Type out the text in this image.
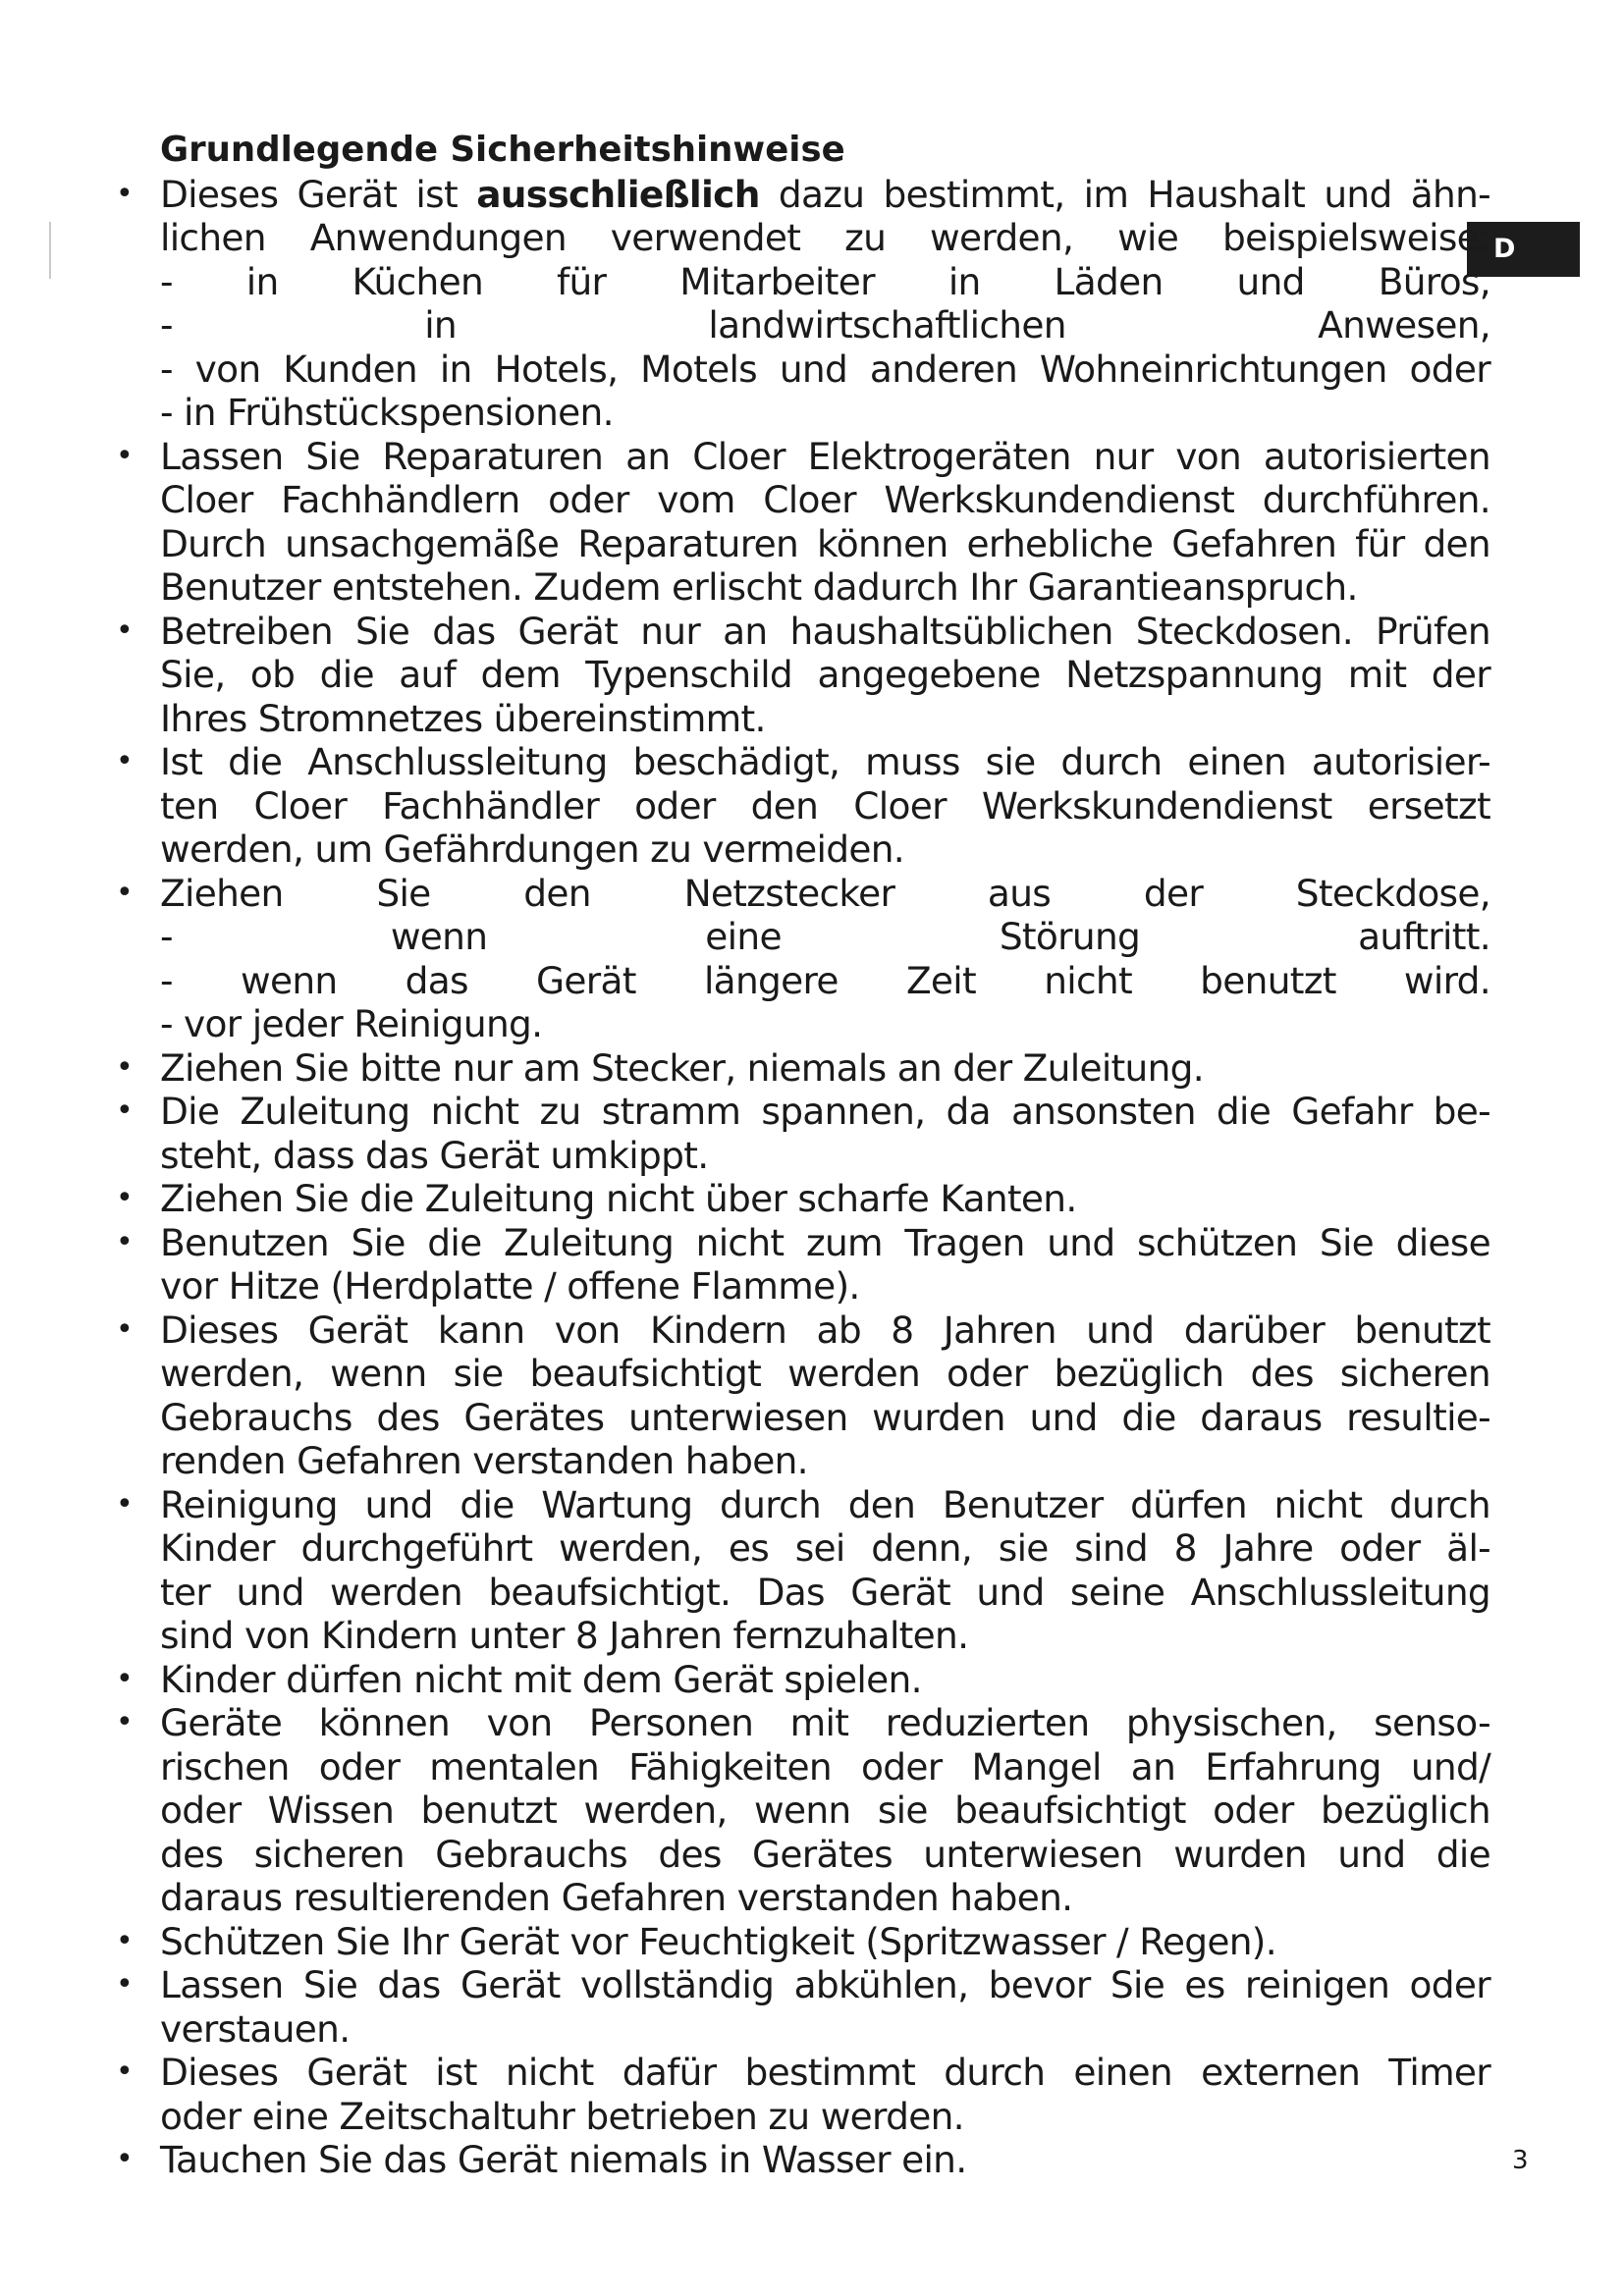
D
Grundlegende Sicherheitshinweise
• Dieses Gerät ist ausschließlich dazu bestimmt, im Haushalt und ähn-
lichen Anwendungen verwendet zu werden, wie beispielsweise:
- in Küchen für Mitarbeiter in Läden und Büros,
- in landwirtschaftlichen Anwesen,
- von Kunden in Hotels, Motels und anderen Wohneinrichtungen oder
- in Frühstückspensionen.
• Lassen Sie Reparaturen an Cloer Elektrogeräten nur von autorisierten
Cloer Fachhändlern oder vom Cloer Werkskundendienst durchführen.
Durch unsachgemäße Reparaturen können erhebliche Gefahren für den
Benutzer entstehen. Zudem erlischt dadurch Ihr Garantieanspruch.
• Betreiben Sie das Gerät nur an haushaltsüblichen Steckdosen. Prüfen
Sie, ob die auf dem Typenschild angegebene Netzspannung mit der
Ihres Stromnetzes übereinstimmt.
• Ist die Anschlussleitung beschädigt, muss sie durch einen autorisier-
ten Cloer Fachhändler oder den Cloer Werkskundendienst ersetzt
werden, um Gefährdungen zu vermeiden.
• Ziehen Sie den Netzstecker aus der Steckdose,
- wenn eine Störung auftritt.
- wenn das Gerät längere Zeit nicht benutzt wird.
- vor jeder Reinigung.
• Ziehen Sie bitte nur am Stecker, niemals an der Zuleitung.
• Die Zuleitung nicht zu stramm spannen, da ansonsten die Gefahr be-
steht, dass das Gerät umkippt.
• Ziehen Sie die Zuleitung nicht über scharfe Kanten.
• Benutzen Sie die Zuleitung nicht zum Tragen und schützen Sie diese
vor Hitze (Herdplatte / offene Flamme).
• Dieses Gerät kann von Kindern ab 8 Jahren und darüber benutzt
werden, wenn sie beaufsichtigt werden oder bezüglich des sicheren
Gebrauchs des Gerätes unterwiesen wurden und die daraus resultie-
renden Gefahren verstanden haben.
• Reinigung und die Wartung durch den Benutzer dürfen nicht durch
Kinder durchgeführt werden, es sei denn, sie sind 8 Jahre oder äl-
ter und werden beaufsichtigt. Das Gerät und seine Anschlussleitung
sind von Kindern unter 8 Jahren fernzuhalten.
• Kinder dürfen nicht mit dem Gerät spielen.
• Geräte können von Personen mit reduzierten physischen, senso-
rischen oder mentalen Fähigkeiten oder Mangel an Erfahrung und/
oder Wissen benutzt werden, wenn sie beaufsichtigt oder bezüglich
des sicheren Gebrauchs des Gerätes unterwiesen wurden und die
daraus resultierenden Gefahren verstanden haben.
• Schützen Sie Ihr Gerät vor Feuchtigkeit (Spritzwasser / Regen).
• Lassen Sie das Gerät vollständig abkühlen, bevor Sie es reinigen oder
verstauen.
• Dieses Gerät ist nicht dafür bestimmt durch einen externen Timer
oder eine Zeitschaltuhr betrieben zu werden.
• Tauchen Sie das Gerät niemals in Wasser ein.	3
